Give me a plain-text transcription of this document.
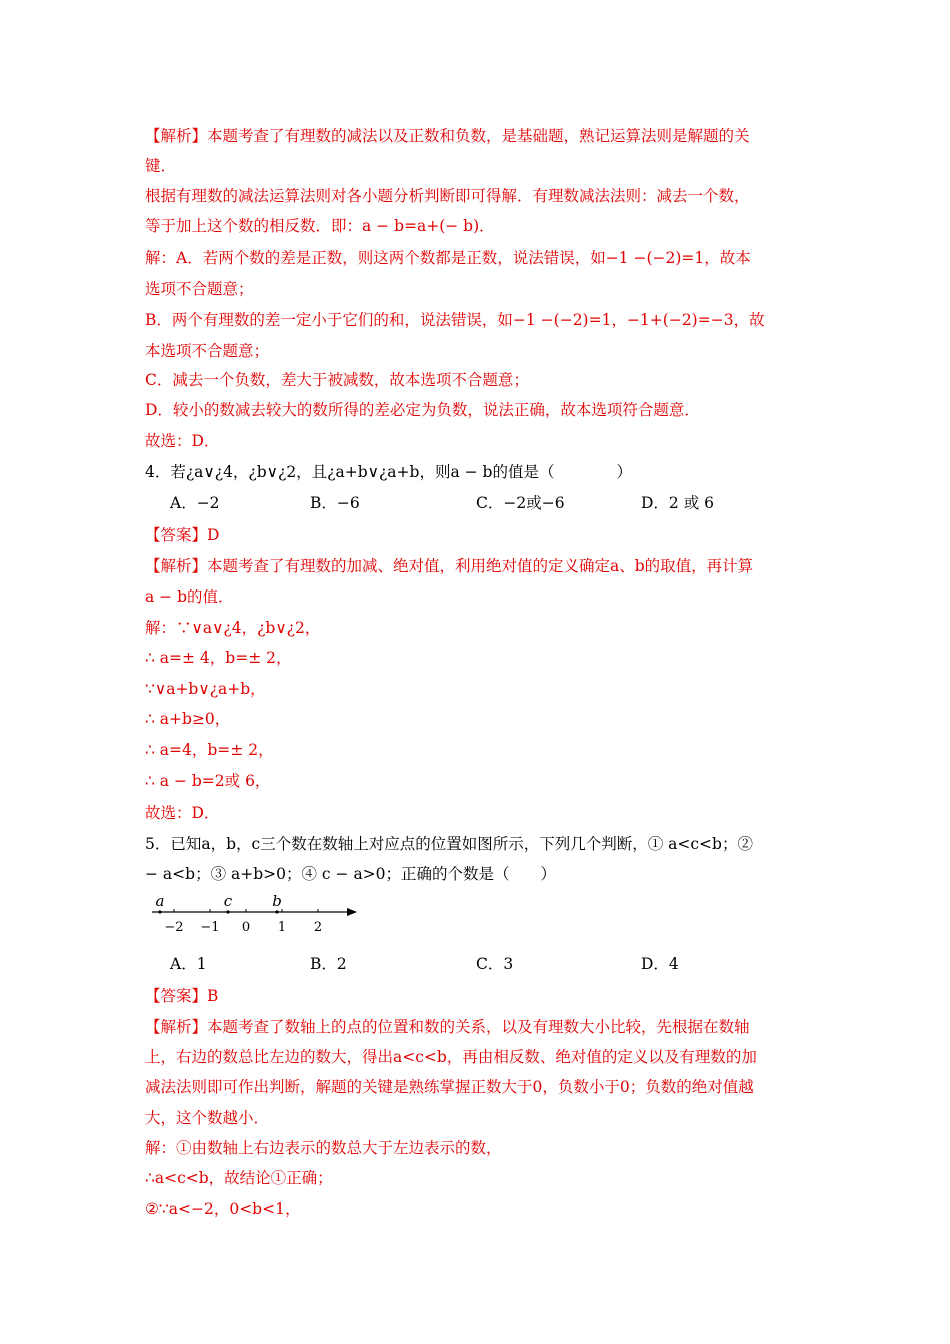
【解析】本题考查了有理数的减法以及正数和负数，是基础题，熟记运算法则是解题的关
键．
根据有理数的减法运算法则对各小题分析判断即可得解．有理数减法法则：减去一个数，
等于加上这个数的相反数．即：a − b=a+(− b)．
解：A．若两个数的差是正数，则这两个数都是正数，说法错误，如−1 −(−2)=1，故本
选项不合题意；
B．两个有理数的差一定小于它们的和，说法错误，如−1 −(−2)=1，−1+(−2)=−3，故
本选项不合题意；
C．减去一个负数，差大于被减数，故本选项不合题意；
D．较小的数减去较大的数所得的差必定为负数，说法正确，故本选项符合题意．
故选：D．
4．若¿a∨¿4，¿b∨¿2，且¿a+b∨¿a+b，则a − b的值是（　　　　）
A．−2	B．−6	C．−2或−6	D．2 或 6
【答案】D
【解析】本题考查了有理数的加减、绝对值，利用绝对值的定义确定a、b的取值，再计算
a − b的值．
解：∵∨a∨¿4，¿b∨¿2，
∴ a=± 4，b=± 2，
∵∨a+b∨¿a+b，
∴ a+b≥0，
∴ a=4，b=± 2，
∴ a − b=2或 6，
故选：D．
5．已知a，b，c三个数在数轴上对应点的位置如图所示，下列几个判断，① a<c<b；②
− a<b；③ a+b>0；④ c − a>0；正确的个数是（　　）
a	c	b
−2 −1 0 1 2
A．1	B．2	C．3	D．4
【答案】B
【解析】本题考查了数轴上的点的位置和数的关系，以及有理数大小比较，先根据在数轴
上，右边的数总比左边的数大，得出a<c<b，再由相反数、绝对值的定义以及有理数的加
减法法则即可作出判断，解题的关键是熟练掌握正数大于0，负数小于0；负数的绝对值越
大，这个数越小．
解：①由数轴上右边表示的数总大于左边表示的数，
∴a<c<b，故结论①正确；
②∵a<−2，0<b<1，
